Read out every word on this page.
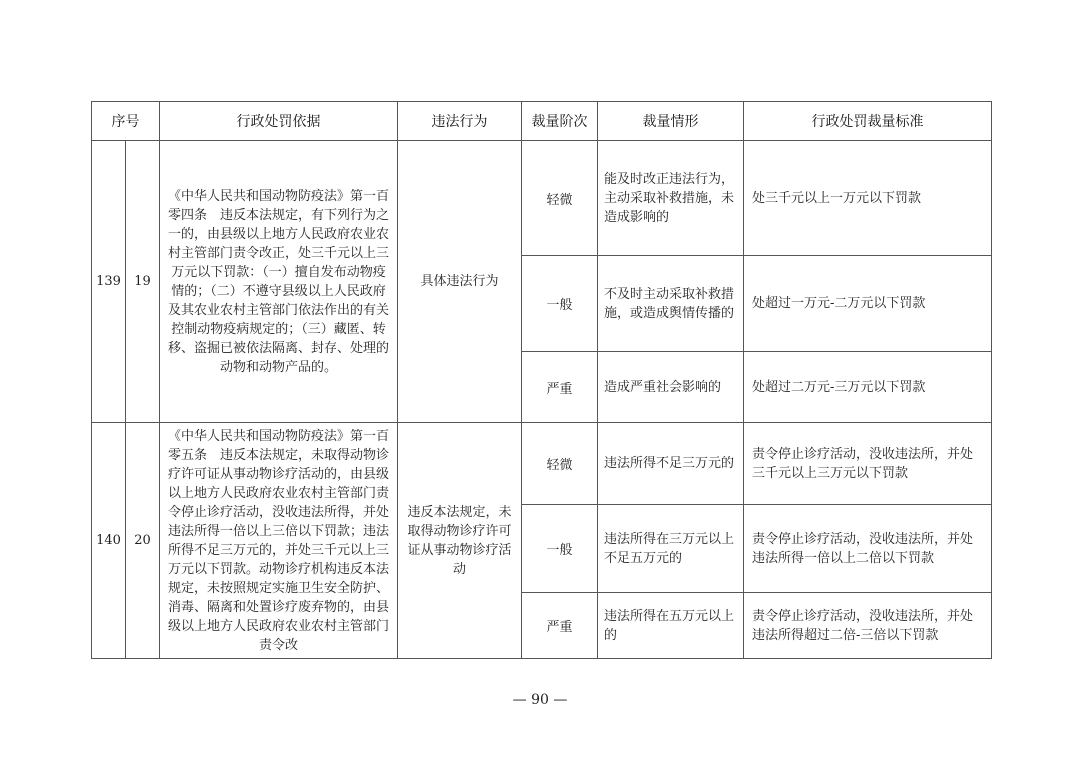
序号		行政处罚依据	违法行为	裁量阶次	裁量情形	行政处罚裁量标准
139	19	《中华人民共和国动物防疫法》第一百零四条　违反本法规定，有下列行为之一的，由县级以上地方人民政府农业农村主管部门责令改正，处三千元以上三万元以下罚款：（一）擅自发布动物疫情的；（二）不遵守县级以上人民政府及其农业农村主管部门依法作出的有关控制动物疫病规定的；（三）藏匿、转移、盗掘已被依法隔离、封存、处理的动物和动物产品的。	具体违法行为	轻微	能及时改正违法行为，主动采取补救措施，未造成影响的	处三千元以上一万元以下罚款
				一般	不及时主动采取补救措施，或造成舆情传播的	处超过一万元-二万元以下罚款
				严重	造成严重社会影响的	处超过二万元-三万元以下罚款
140	20	《中华人民共和国动物防疫法》第一百零五条　违反本法规定，未取得动物诊疗许可证从事动物诊疗活动的，由县级以上地方人民政府农业农村主管部门责令停止诊疗活动，没收违法所得，并处违法所得一倍以上三倍以下罚款；违法所得不足三万元的，并处三千元以上三万元以下罚款。动物诊疗机构违反本法规定，未按照规定实施卫生安全防护、消毒、隔离和处置诊疗废弃物的，由县级以上地方人民政府农业农村主管部门责令改	违反本法规定，未取得动物诊疗许可证从事动物诊疗活动	轻微	违法所得不足三万元的	责令停止诊疗活动，没收违法所，并处三千元以上三万元以下罚款
				一般	违法所得在三万元以上不足五万元的	责令停止诊疗活动，没收违法所，并处违法所得一倍以上二倍以下罚款
				严重	违法所得在五万元以上的	责令停止诊疗活动，没收违法所，并处违法所得超过二倍-三倍以下罚款
— 90 —
